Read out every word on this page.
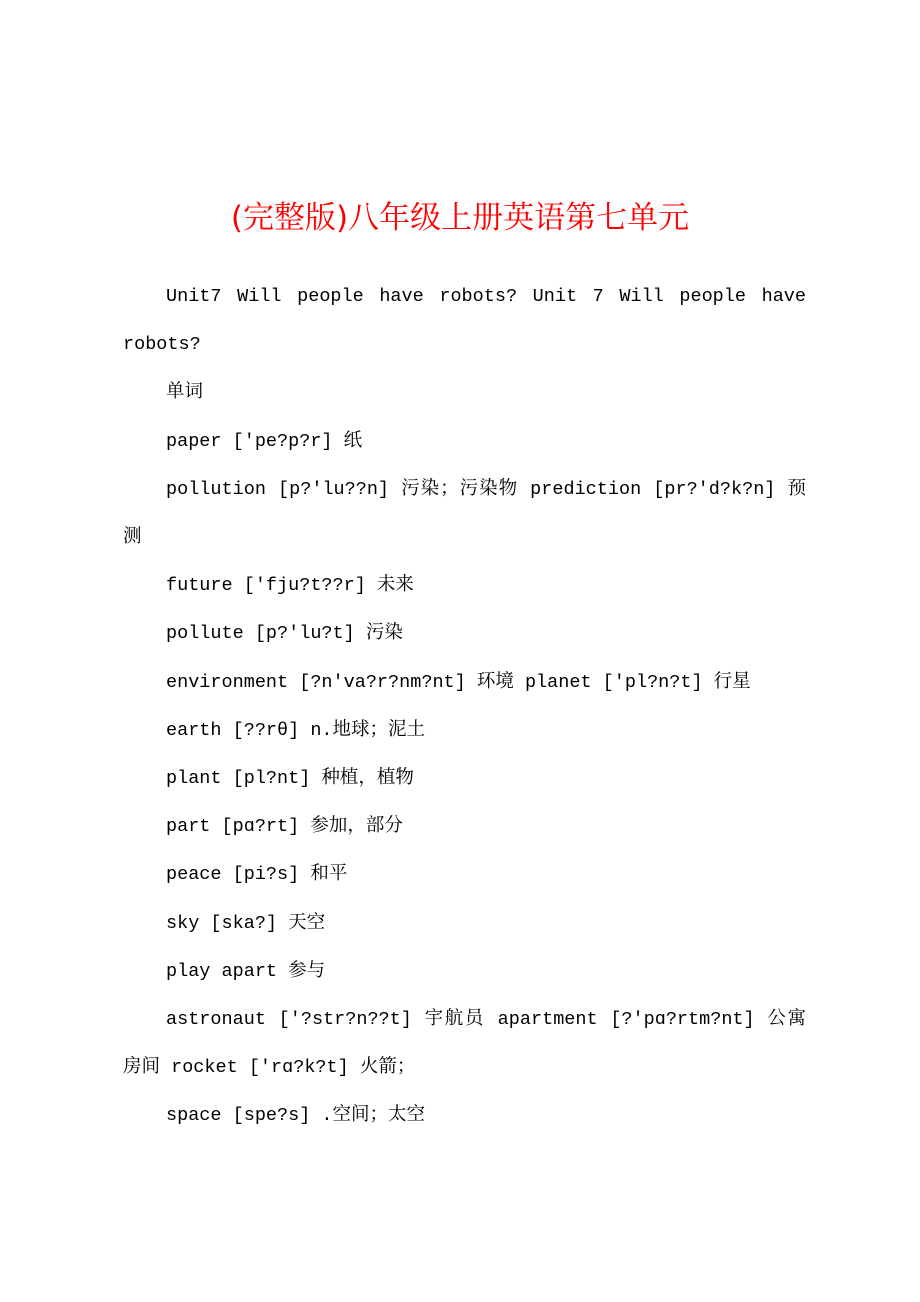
(完整版)八年级上册英语第七单元

Unit7 Will people have robots? Unit 7 Will people have robots?

单词

paper ['pe?p?r] 纸

pollution [p?'lu??n] 污染；污染物 prediction [pr?'d?k?n] 预测

future ['fju?t??r] 未来

pollute [p?'lu?t] 污染

environment [?n'va?r?nm?nt] 环境 planet ['pl?n?t] 行星

earth [??rθ] n.地球；泥土

plant [pl?nt] 种植，植物

part [pɑ?rt] 参加，部分

peace [pi?s] 和平

sky [ska?] 天空

play apart 参与

astronaut ['?str?n??t] 宇航员 apartment [?'pɑ?rtm?nt] 公寓房间 rocket ['rɑ?k?t] 火箭；

space [spe?s] .空间；太空
